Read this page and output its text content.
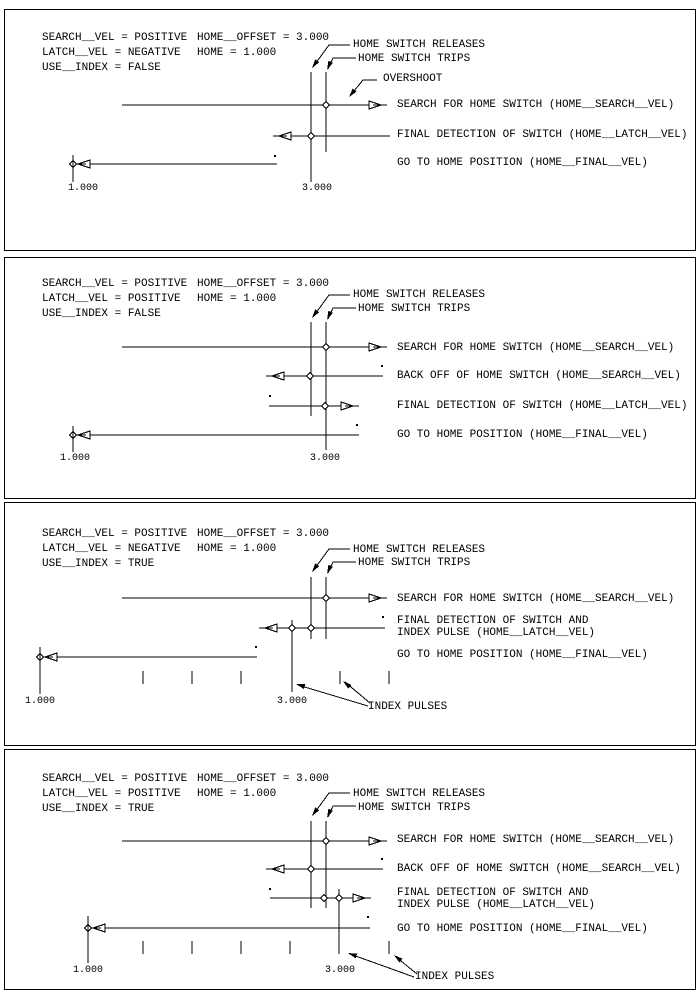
SEARCH__VEL = POSITIVE
LATCH__VEL = NEGATIVE
USE__INDEX = FALSE
HOME__OFFSET = 3.000
HOME = 1.000
HOME SWITCH RELEASES
HOME SWITCH TRIPS
OVERSHOOT
SEARCH FOR HOME SWITCH (HOME__SEARCH__VEL)
FINAL DETECTION OF SWITCH (HOME__LATCH__VEL)
GO TO HOME POSITION (HOME__FINAL__VEL)
1.000	3.000
SEARCH__VEL = POSITIVE
LATCH__VEL = POSITIVE
USE__INDEX = FALSE
HOME__OFFSET = 3.000
HOME = 1.000	HOME SWITCH RELEASES
HOME SWITCH TRIPS
SEARCH FOR HOME SWITCH (HOME__SEARCH__VEL)
BACK OFF OF HOME SWITCH (HOME__SEARCH__VEL)
FINAL DETECTION OF SWITCH (HOME__LATCH__VEL)
GO TO HOME POSITION (HOME__FINAL__VEL)
1.000	3.000
SEARCH__VEL = POSITIVE
LATCH__VEL = NEGATIVE
USE__INDEX = TRUE
HOME__OFFSET = 3.000
HOME = 1.000	HOME SWITCH RELEASES
HOME SWITCH TRIPS
SEARCH FOR HOME SWITCH (HOME__SEARCH__VEL)
FINAL DETECTION OF SWITCH AND
INDEX PULSE (HOME__LATCH__VEL)
GO TO HOME POSITION (HOME__FINAL__VEL)
1.000	3.000	INDEX PULSES
SEARCH__VEL = POSITIVE
LATCH__VEL = POSITIVE
USE__INDEX = TRUE
HOME__OFFSET = 3.000
HOME = 1.000	HOME SWITCH RELEASES
HOME SWITCH TRIPS
SEARCH FOR HOME SWITCH (HOME__SEARCH__VEL)
BACK OFF OF HOME SWITCH (HOME__SEARCH__VEL)
FINAL DETECTION OF SWITCH AND
INDEX PULSE (HOME__LATCH__VEL)
GO TO HOME POSITION (HOME__FINAL__VEL)
1.000	3.000
INDEX PULSES
